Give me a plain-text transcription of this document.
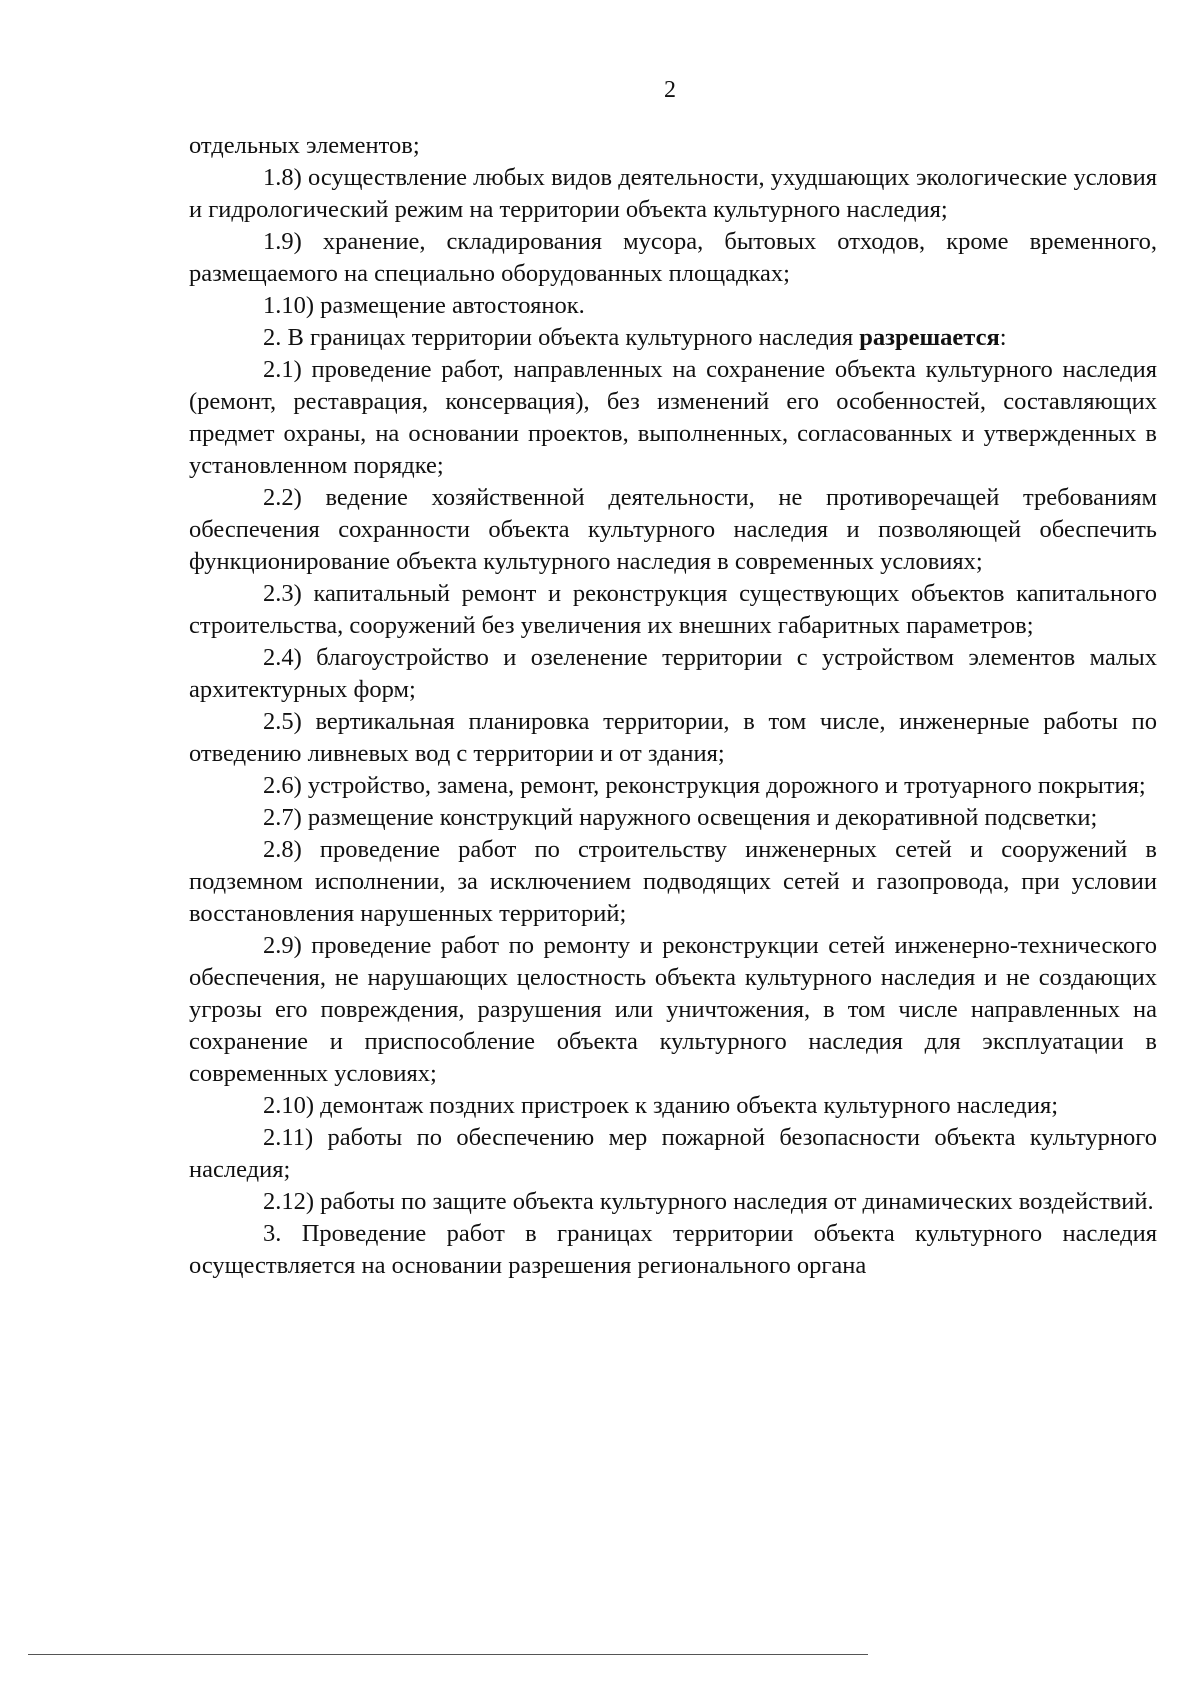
2

отдельных элементов;

1.8) осуществление любых видов деятельности, ухудшающих экологические условия и гидрологический режим на территории объекта культурного наследия;

1.9) хранение, складирования мусора, бытовых отходов, кроме временного, размещаемого на специально оборудованных площадках;

1.10) размещение автостоянок.

2. В границах территории объекта культурного наследия разрешается:

2.1) проведение работ, направленных на сохранение объекта культурного наследия (ремонт, реставрация, консервация), без изменений его особенностей, составляющих предмет охраны, на основании проектов, выполненных, согласованных и утвержденных в установленном порядке;

2.2) ведение хозяйственной деятельности, не противоречащей требованиям обеспечения сохранности объекта культурного наследия и позволяющей обеспечить функционирование объекта культурного наследия в современных условиях;

2.3) капитальный ремонт и реконструкция существующих объектов капитального строительства, сооружений без увеличения их внешних габаритных параметров;

2.4) благоустройство и озеленение территории с устройством элементов малых архитектурных форм;

2.5) вертикальная планировка территории, в том числе, инженерные работы по отведению ливневых вод с территории и от здания;

2.6) устройство, замена, ремонт, реконструкция дорожного и тротуарного покрытия;

2.7) размещение конструкций наружного освещения и декоративной подсветки;

2.8) проведение работ по строительству инженерных сетей и сооружений в подземном исполнении, за исключением подводящих сетей и газопровода, при условии восстановления нарушенных территорий;

2.9) проведение работ по ремонту и реконструкции сетей инженерно-технического обеспечения, не нарушающих целостность объекта культурного наследия и не создающих угрозы его повреждения, разрушения или уничтожения, в том числе направленных на сохранение и приспособление объекта культурного наследия для эксплуатации в современных условиях;

2.10) демонтаж поздних пристроек к зданию объекта культурного наследия;

2.11) работы по обеспечению мер пожарной безопасности объекта культурного наследия;

2.12) работы по защите объекта культурного наследия от динамических воздействий.

3. Проведение работ в границах территории объекта культурного наследия осуществляется на основании разрешения регионального органа
